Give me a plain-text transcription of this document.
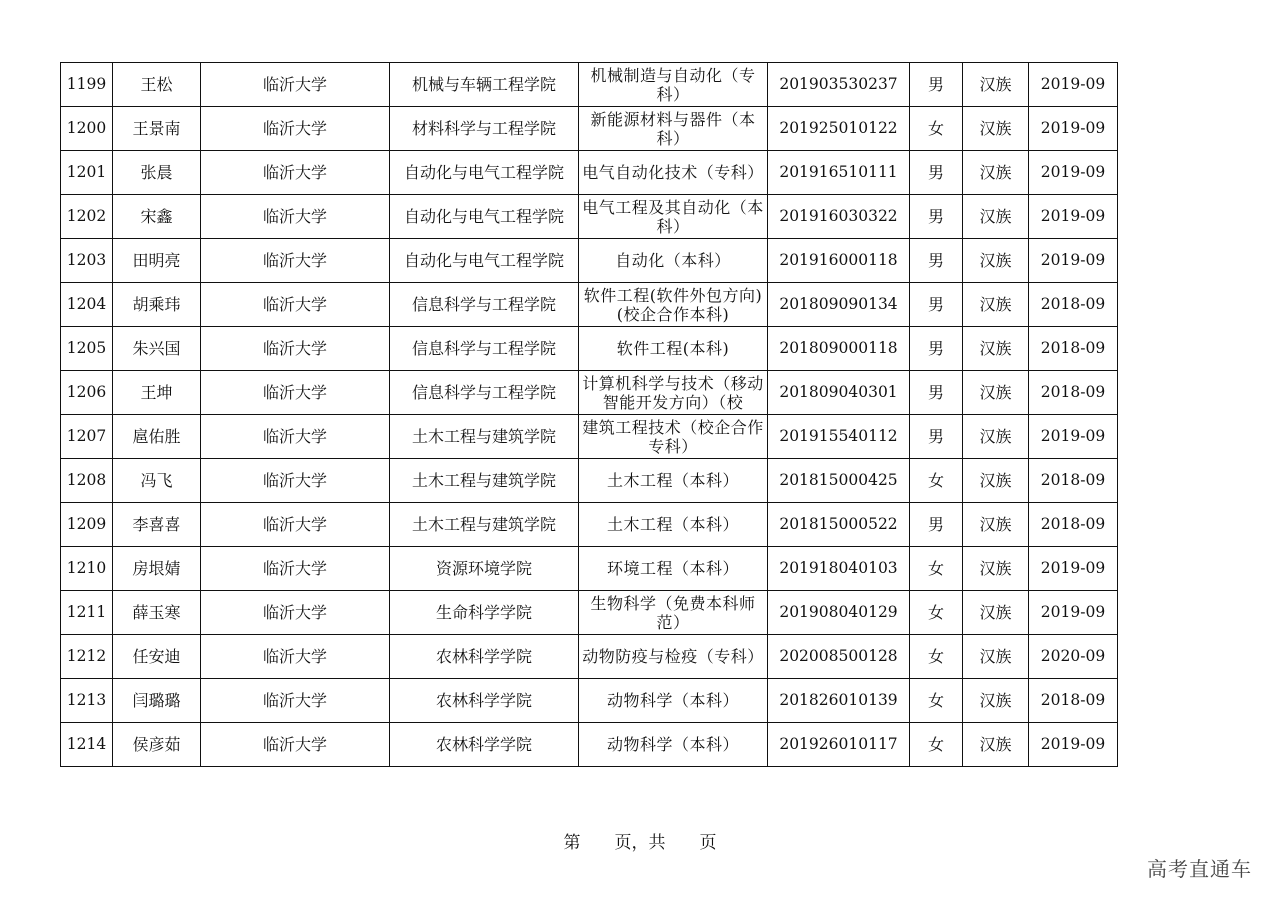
1199	王松	临沂大学	机械与车辆工程学院	机械制造与自动化（专科）	201903530237	男	汉族	2019-09
1200	王景南	临沂大学	材料科学与工程学院	新能源材料与器件（本科）	201925010122	女	汉族	2019-09
1201	张晨	临沂大学	自动化与电气工程学院	电气自动化技术（专科）	201916510111	男	汉族	2019-09
1202	宋鑫	临沂大学	自动化与电气工程学院	电气工程及其自动化（本科）	201916030322	男	汉族	2019-09
1203	田明亮	临沂大学	自动化与电气工程学院	自动化（本科）	201916000118	男	汉族	2019-09
1204	胡乘玮	临沂大学	信息科学与工程学院	软件工程(软件外包方向)(校企合作本科)	201809090134	男	汉族	2018-09
1205	朱兴国	临沂大学	信息科学与工程学院	软件工程(本科)	201809000118	男	汉族	2018-09
1206	王坤	临沂大学	信息科学与工程学院	计算机科学与技术（移动智能开发方向）（校	201809040301	男	汉族	2018-09
1207	扈佑胜	临沂大学	土木工程与建筑学院	建筑工程技术（校企合作专科）	201915540112	男	汉族	2019-09
1208	冯飞	临沂大学	土木工程与建筑学院	土木工程（本科）	201815000425	女	汉族	2018-09
1209	李喜喜	临沂大学	土木工程与建筑学院	土木工程（本科）	201815000522	男	汉族	2018-09
1210	房垠婧	临沂大学	资源环境学院	环境工程（本科）	201918040103	女	汉族	2019-09
1211	薛玉寒	临沂大学	生命科学学院	生物科学（免费本科师范）	201908040129	女	汉族	2019-09
1212	任安迪	临沂大学	农林科学学院	动物防疫与检疫（专科）	202008500128	女	汉族	2020-09
1213	闫璐璐	临沂大学	农林科学学院	动物科学（本科）	201826010139	女	汉族	2018-09
1214	侯彦茹	临沂大学	农林科学学院	动物科学（本科）	201926010117	女	汉族	2019-09
第 页，共 页
高考直通车
